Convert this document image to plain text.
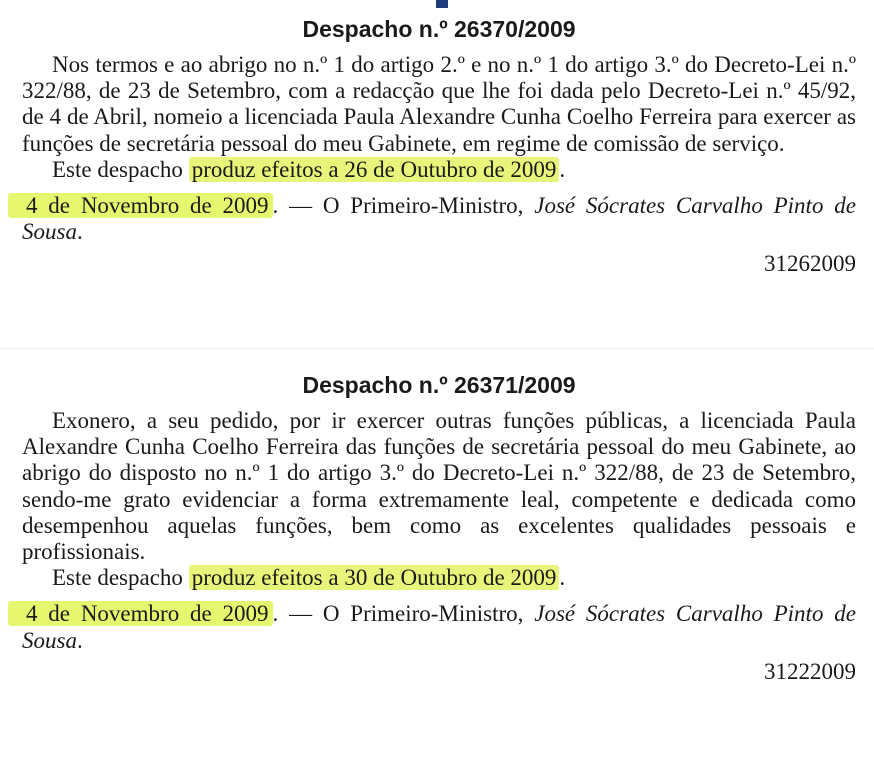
Despacho n.º 26370/2009

Nos termos e ao abrigo no n.º 1 do artigo 2.º e no n.º 1 do artigo 3.º do Decreto-Lei n.º 322/88, de 23 de Setembro, com a redacção que lhe foi dada pelo Decreto-Lei n.º 45/92, de 4 de Abril, nomeio a licenciada Paula Alexandre Cunha Coelho Ferreira para exercer as funções de secretária pessoal do meu Gabinete, em regime de comissão de serviço.

Este despacho produz efeitos a 26 de Outubro de 2009 .

4 de Novembro de 2009 . — O Primeiro-Ministro, José Sócrates Carvalho Pinto de Sousa.

31262009

Despacho n.º 26371/2009

Exonero, a seu pedido, por ir exercer outras funções públicas, a licenciada Paula Alexandre Cunha Coelho Ferreira das funções de secretária pessoal do meu Gabinete, ao abrigo do disposto no n.º 1 do artigo 3.º do Decreto-Lei n.º 322/88, de 23 de Setembro, sendo-me grato evidenciar a forma extremamente leal, competente e dedicada como desempenhou aquelas funções, bem como as excelentes qualidades pessoais e profissionais.

Este despacho produz efeitos a 30 de Outubro de 2009 .

4 de Novembro de 2009 . — O Primeiro-Ministro, José Sócrates Carvalho Pinto de Sousa.

31222009
